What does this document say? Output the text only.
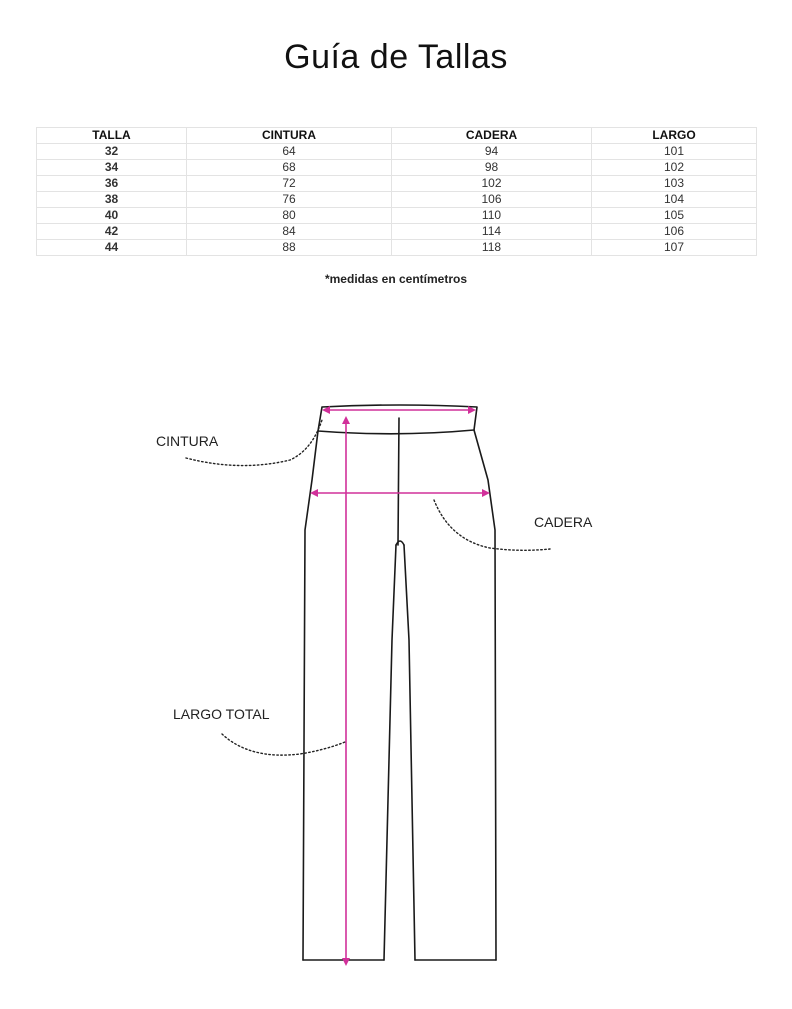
Guía de Tallas
TALLA	CINTURA	CADERA	LARGO
32	64	94	101
34	68	98	102
36	72	102	103
38	76	106	104
40	80	110	105
42	84	114	106
44	88	118	107
*medidas en centímetros
CINTURA
CADERA
LARGO TOTAL
